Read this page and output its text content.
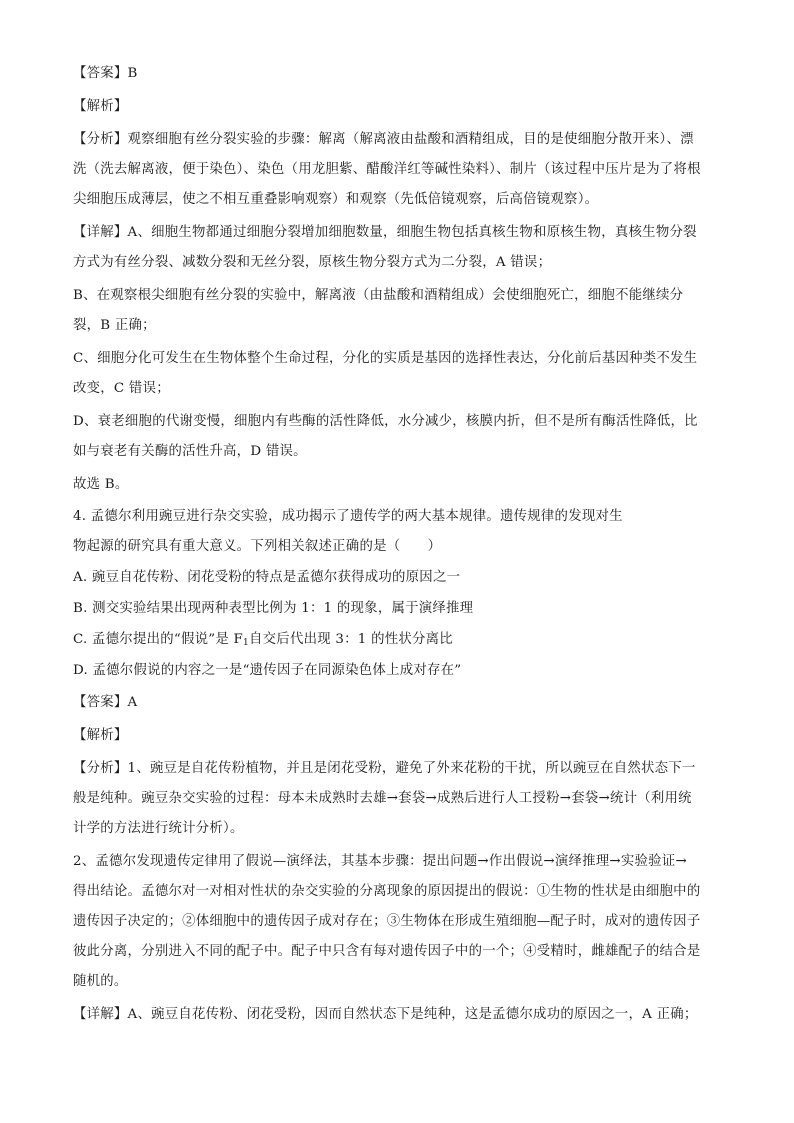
【答案】B
【解析】
【分析】观察细胞有丝分裂实验的步骤：解离（解离液由盐酸和酒精组成，目的是使细胞分散开来）、漂
洗（洗去解离液，便于染色）、染色（用龙胆紫、醋酸洋红等碱性染料）、制片（该过程中压片是为了将根
尖细胞压成薄层，使之不相互重叠影响观察）和观察（先低倍镜观察，后高倍镜观察）。
【详解】A、细胞生物都通过细胞分裂增加细胞数量，细胞生物包括真核生物和原核生物，真核生物分裂
方式为有丝分裂、减数分裂和无丝分裂，原核生物分裂方式为二分裂，A 错误；
B、在观察根尖细胞有丝分裂的实验中，解离液（由盐酸和酒精组成）会使细胞死亡，细胞不能继续分
裂，B 正确；
C、细胞分化可发生在生物体整个生命过程，分化的实质是基因的选择性表达，分化前后基因种类不发生
改变，C 错误；
D、衰老细胞的代谢变慢，细胞内有些酶的活性降低，水分减少，核膜内折，但不是所有酶活性降低，比
如与衰老有关酶的活性升高，D 错误。
故选 B。
4. 孟德尔利用豌豆进行杂交实验，成功揭示了遗传学的两大基本规律。遗传规律的发现对生
物起源的研究具有重大意义。下列相关叙述正确的是（　　）
A. 豌豆自花传粉、闭花受粉的特点是孟德尔获得成功的原因之一
B. 测交实验结果出现两种表型比例为 1：1 的现象，属于演绎推理
C. 孟德尔提出的“假说”是 $F_1$自交后代出现 3：1 的性状分离比
D. 孟德尔假说的内容之一是“遗传因子在同源染色体上成对存在”
【答案】A
【解析】
【分析】1、豌豆是自花传粉植物，并且是闭花受粉，避免了外来花粉的干扰，所以豌豆在自然状态下一
般是纯种。豌豆杂交实验的过程：母本未成熟时去雄→套袋→成熟后进行人工授粉→套袋→统计（利用统
计学的方法进行统计分析）。
2、孟德尔发现遗传定律用了假说—演绎法，其基本步骤：提出问题→作出假说→演绎推理→实验验证→
得出结论。孟德尔对一对相对性状的杂交实验的分离现象的原因提出的假说：①生物的性状是由细胞中的
遗传因子决定的；②体细胞中的遗传因子成对存在；③生物体在形成生殖细胞—配子时，成对的遗传因子
彼此分离，分别进入不同的配子中。配子中只含有每对遗传因子中的一个；④受精时，雌雄配子的结合是
随机的。
【详解】A、豌豆自花传粉、闭花受粉，因而自然状态下是纯种，这是孟德尔成功的原因之一，A 正确；
